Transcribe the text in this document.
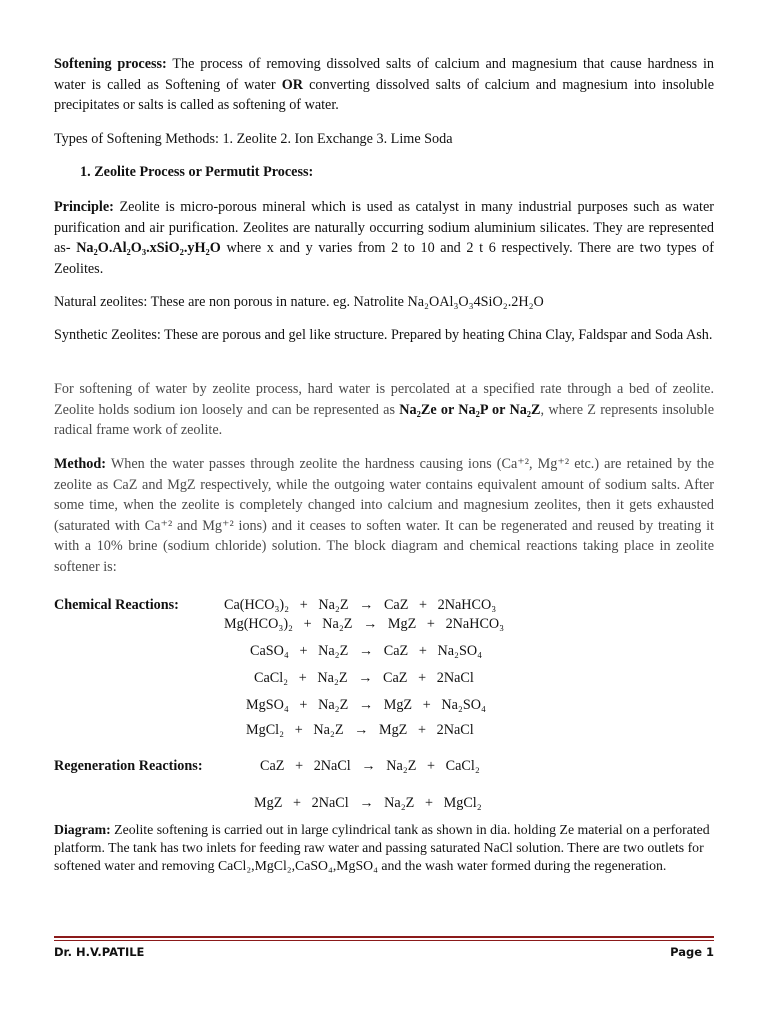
Softening process: The process of removing dissolved salts of calcium and magnesium that cause hardness in water is called as Softening of water OR converting dissolved salts of calcium and magnesium into insoluble precipitates or salts is called as softening of water.

Types of Softening Methods: 1. Zeolite 2. Ion Exchange 3. Lime Soda

1. Zeolite Process or Permutit Process:

Principle: Zeolite is micro-porous mineral which is used as catalyst in many industrial purposes such as water purification and air purification. Zeolites are naturally occurring sodium aluminium silicates. They are represented as- Na₂O.Al₂O₃.xSiO₂.yH₂O where x and y varies from 2 to 10 and 2 t 6 respectively. There are two types of Zeolites.

Natural zeolites: These are non porous in nature. eg. Natrolite Na₂OAl₃O₃4SiO₂.2H₂O

Synthetic Zeolites: These are porous and gel like structure. Prepared by heating China Clay, Faldspar and Soda Ash.

For softening of water by zeolite process, hard water is percolated at a specified rate through a bed of zeolite. Zeolite holds sodium ion loosely and can be represented as Na₂Ze or Na₂P or Na₂Z, where Z represents insoluble radical frame work of zeolite.

Method: When the water passes through zeolite the hardness causing ions (Ca⁺², Mg⁺² etc.) are retained by the zeolite as CaZ and MgZ respectively, while the outgoing water contains equivalent amount of sodium salts. After some time, when the zeolite is completely changed into calcium and magnesium zeolites, then it gets exhausted (saturated with Ca⁺² and Mg⁺² ions) and it ceases to soften water. It can be regenerated and reused by treating it with a 10% brine (sodium chloride) solution. The block diagram and chemical reactions taking place in zeolite softener is:

Chemical Reactions:	Ca(HCO₃)₂   +   Na₂Z   →   CaZ   +   2NaHCO₃
Mg(HCO₃)₂   +   Na₂Z   →   MgZ   +   2NaHCO₃
CaSO₄   +   Na₂Z   →   CaZ   +   Na₂SO₄
CaCl₂   +   Na₂Z   →   CaZ   +   2NaCl
MgSO₄   +   Na₂Z   →   MgZ   +   Na₂SO₄
MgCl₂   +   Na₂Z   →   MgZ   +   2NaCl
Regeneration Reactions:	CaZ   +   2NaCl   →   Na₂Z   +   CaCl₂
MgZ   +   2NaCl   →   Na₂Z   +   MgCl₂

Diagram: Zeolite softening is carried out in large cylindrical tank as shown in dia. holding Ze material on a perforated platform. The tank has two inlets for feeding raw water and passing saturated NaCl solution. There are two outlets for softened water and removing CaCl₂,MgCl₂,CaSO₄,MgSO₄ and the wash water formed during the regeneration.

Dr. H.V.PATILE	Page 1
